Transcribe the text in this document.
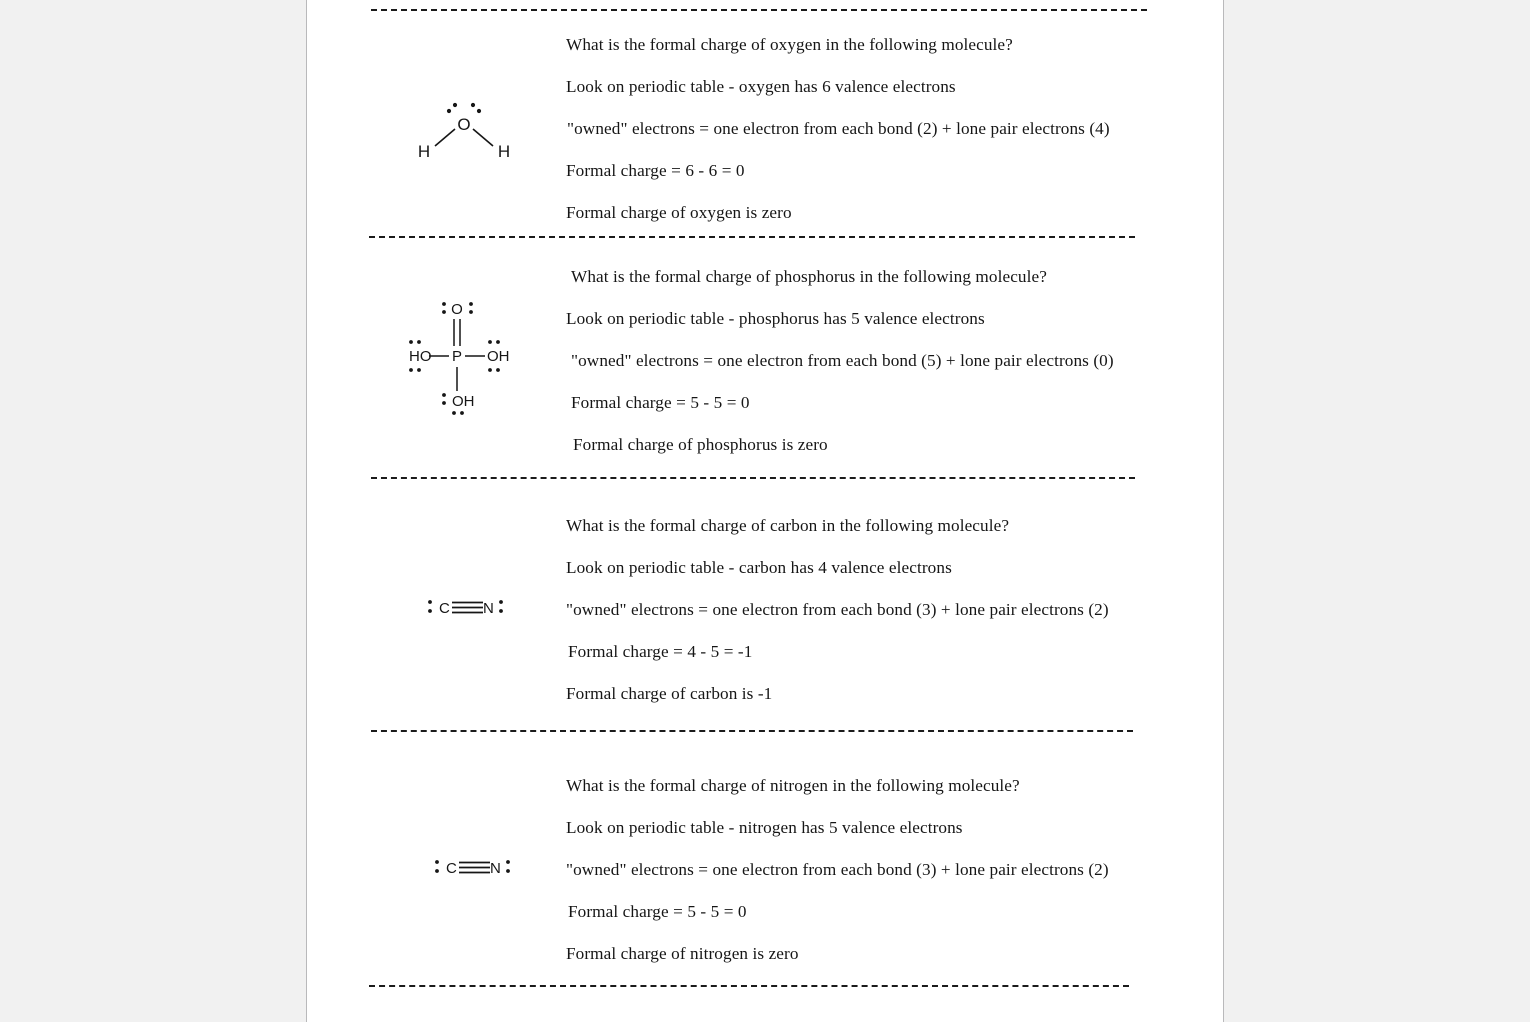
O
H	H
What is the formal charge of oxygen in the following molecule?
Look on periodic table - oxygen has 6 valence electrons
"owned" electrons = one electron from each bond (2) + lone pair electrons (4)
Formal charge = 6 - 6 = 0
Formal charge of oxygen is zero
O
P
HO	OH
OH
What is the formal charge of phosphorus in the following molecule?
Look on periodic table - phosphorus has 5 valence electrons
"owned" electrons = one electron from each bond (5) + lone pair electrons (0)
Formal charge = 5 - 5 = 0
Formal charge of phosphorus is zero
C N
What is the formal charge of carbon in the following molecule?
Look on periodic table - carbon has 4 valence electrons
"owned" electrons = one electron from each bond (3) + lone pair electrons (2)
Formal charge = 4 - 5 = -1
Formal charge of carbon is -1
C N
What is the formal charge of nitrogen in the following molecule?
Look on periodic table - nitrogen has 5 valence electrons
"owned" electrons = one electron from each bond (3) + lone pair electrons (2)
Formal charge = 5 - 5 = 0
Formal charge of nitrogen is zero
